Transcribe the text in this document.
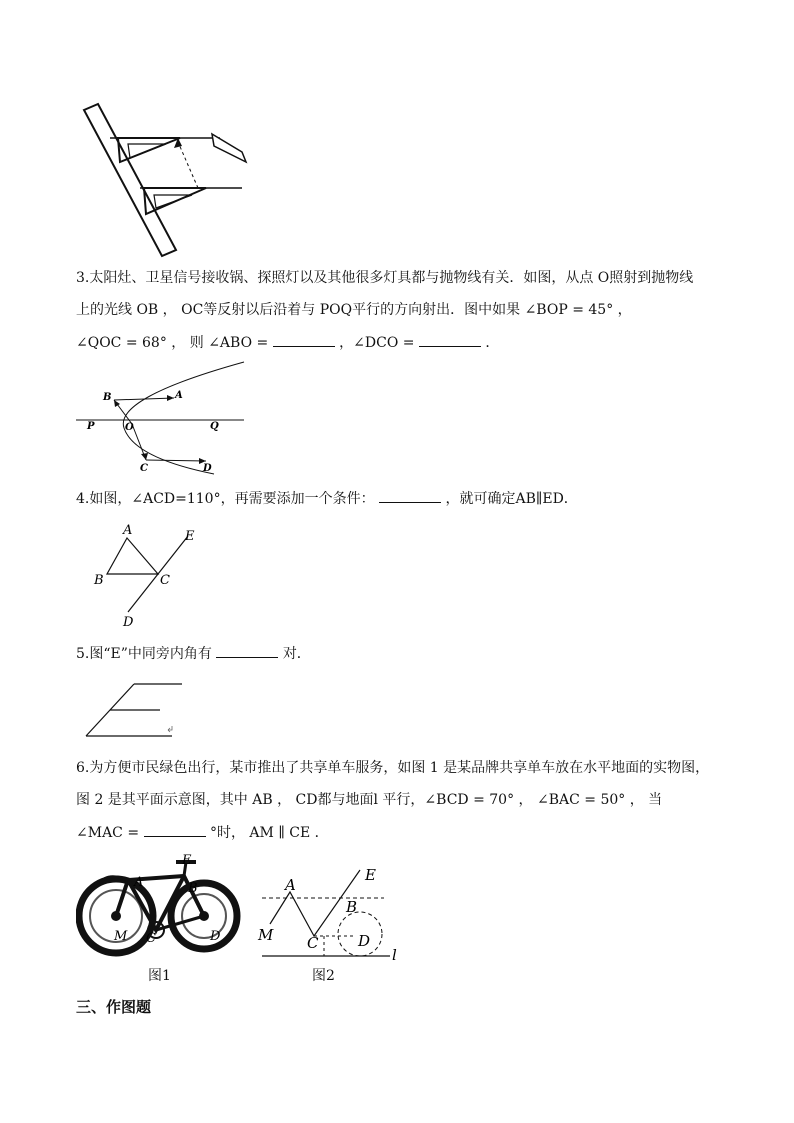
3.太阳灶、卫星信号接收锅、探照灯以及其他很多灯具都与抛物线有关．如图，从点 O照射到抛物线
上的光线 OB ， OC等反射以后沿着与 POQ平行的方向射出．图中如果 ∠BOP = 45° ，
∠QOC = 68° ， 则 ∠ABO =	，∠DCO =	．
A
B
P	O	Q
C	D
4.如图，∠ACD=110°，再需要添加一个条件：	，就可确定AB∥ED．
A
B	C
D
E
5.图“E”中同旁内角有	对．
6.为方便市民绿色出行，某市推出了共享单车服务，如图 1 是某品牌共享单车放在水平地面的实物图，
图 2 是其平面示意图，其中 AB ， CD都与地面l 平行，∠BCD = 70° ， ∠BAC = 50° ， 当
∠MAC =	°时， AM ∥ CE ．
A	B
E
M C	D
图1
A
B
C	D
E
M
l
图2
三、作图题
